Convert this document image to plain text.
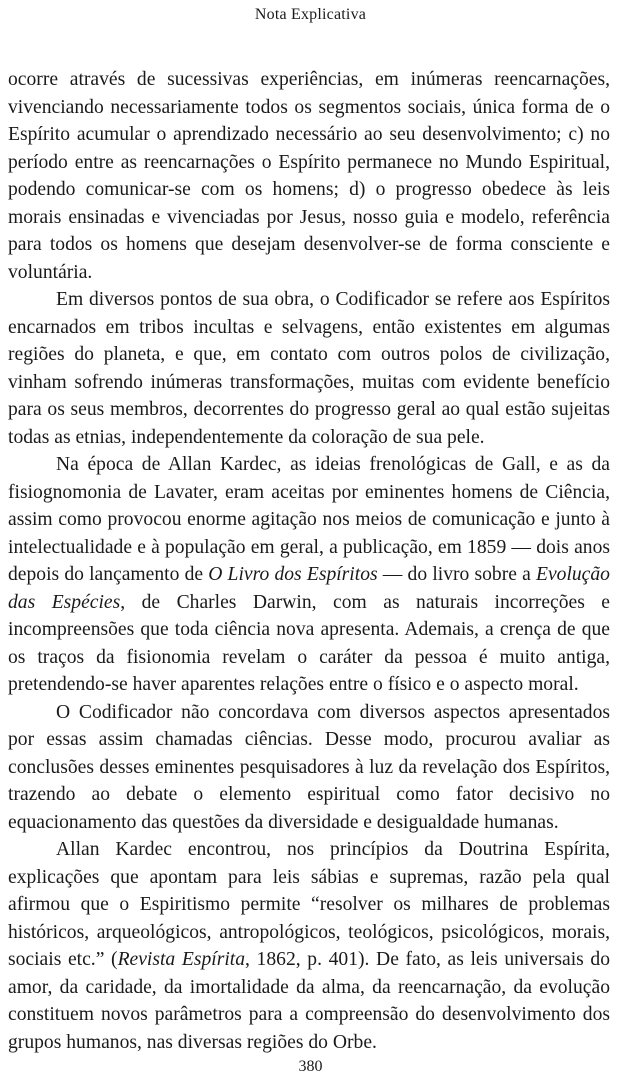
Nota Explicativa

ocorre através de sucessivas experiências, em inúmeras reencarnações, vivenciando necessariamente todos os segmentos sociais, única forma de o Espírito acumular o aprendizado necessário ao seu desenvolvimento; c) no período entre as reencarnações o Espírito permanece no Mundo Espiritual, podendo comunicar-se com os homens; d) o progresso obedece às leis morais ensinadas e vivenciadas por Jesus, nosso guia e modelo, referência para todos os homens que desejam desenvolver-se de forma consciente e voluntária.

Em diversos pontos de sua obra, o Codificador se refere aos Espíritos encarnados em tribos incultas e selvagens, então existentes em algumas regiões do planeta, e que, em contato com outros polos de civilização, vinham sofrendo inúmeras transformações, muitas com evidente benefício para os seus membros, decorrentes do progresso geral ao qual estão sujeitas todas as etnias, independentemente da coloração de sua pele.

Na época de Allan Kardec, as ideias frenológicas de Gall, e as da fisiognomonia de Lavater, eram aceitas por eminentes homens de Ciência, assim como provocou enorme agitação nos meios de comunicação e junto à intelectualidade e à população em geral, a publicação, em 1859 — dois anos depois do lançamento de O Livro dos Espíritos — do livro sobre a Evolução das Espécies, de Charles Darwin, com as naturais incorreções e incompreensões que toda ciência nova apresenta. Ademais, a crença de que os traços da fisionomia revelam o caráter da pessoa é muito antiga, pretendendo-se haver aparentes relações entre o físico e o aspecto moral.

O Codificador não concordava com diversos aspectos apresentados por essas assim chamadas ciências. Desse modo, procurou avaliar as conclusões desses eminentes pesquisadores à luz da revelação dos Espíritos, trazendo ao debate o elemento espiritual como fator decisivo no equacionamento das questões da diversidade e desigualdade humanas.

Allan Kardec encontrou, nos princípios da Doutrina Espírita, explicações que apontam para leis sábias e supremas, razão pela qual afirmou que o Espiritismo permite “resolver os milhares de problemas históricos, arqueológicos, antropológicos, teológicos, psicológicos, morais, sociais etc.” (Revista Espírita, 1862, p. 401). De fato, as leis universais do amor, da caridade, da imortalidade da alma, da reencarnação, da evolução constituem novos parâmetros para a compreensão do desenvolvimento dos grupos humanos, nas diversas regiões do Orbe.

380
